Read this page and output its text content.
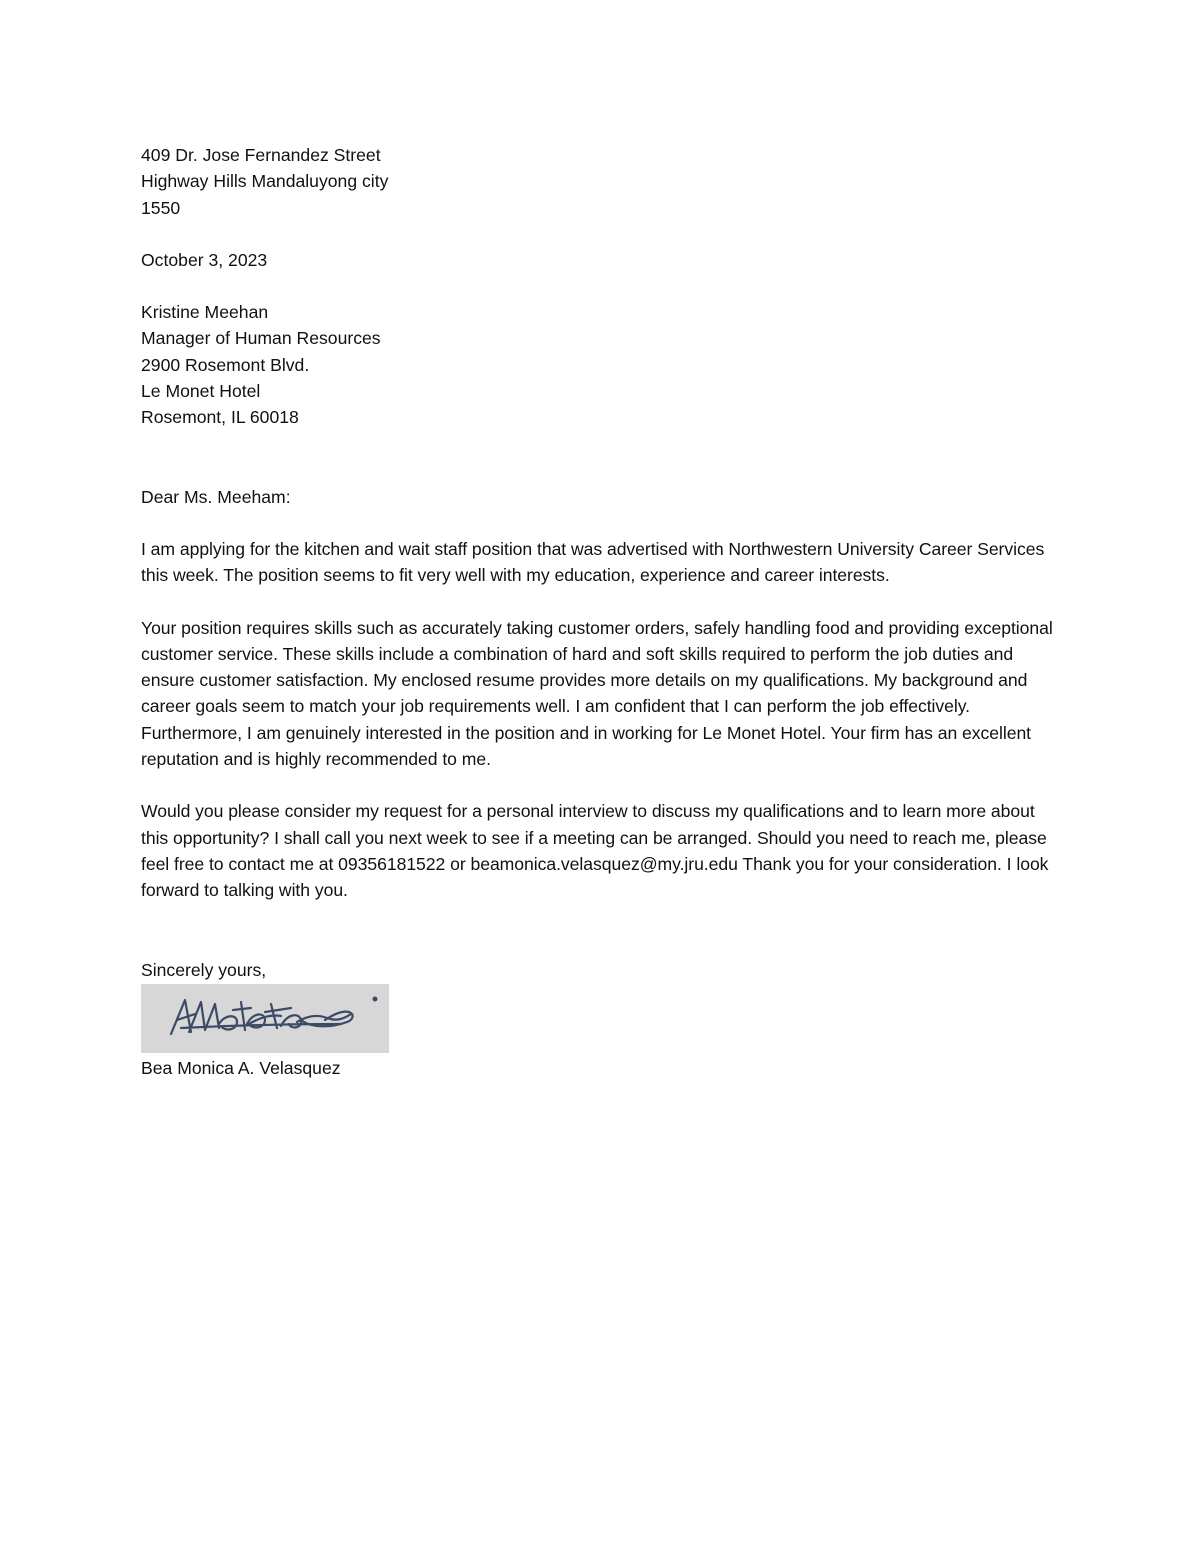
409 Dr. Jose Fernandez Street
Highway Hills Mandaluyong city
1550
October 3, 2023
Kristine Meehan
Manager of Human Resources
2900 Rosemont Blvd.
Le Monet Hotel
Rosemont, IL 60018
Dear Ms. Meeham:

I am applying for the kitchen and wait staff position that was advertised with Northwestern University Career Services this week. The position seems to fit very well with my education, experience and career interests.

Your position requires skills such as accurately taking customer orders, safely handling food and providing exceptional customer service. These skills include a combination of hard and soft skills required to perform the job duties and ensure customer satisfaction. My enclosed resume provides more details on my qualifications. My background and career goals seem to match your job requirements well. I am confident that I can perform the job effectively. Furthermore, I am genuinely interested in the position and in working for Le Monet Hotel. Your firm has an excellent reputation and is highly recommended to me.

Would you please consider my request for a personal interview to discuss my qualifications and to learn more about this opportunity? I shall call you next week to see if a meeting can be arranged. Should you need to reach me, please feel free to contact me at 09356181522 or beamonica.velasquez@my.jru.edu Thank you for your consideration. I look forward to talking with you.

Sincerely yours,
Bea Monica A. Velasquez
